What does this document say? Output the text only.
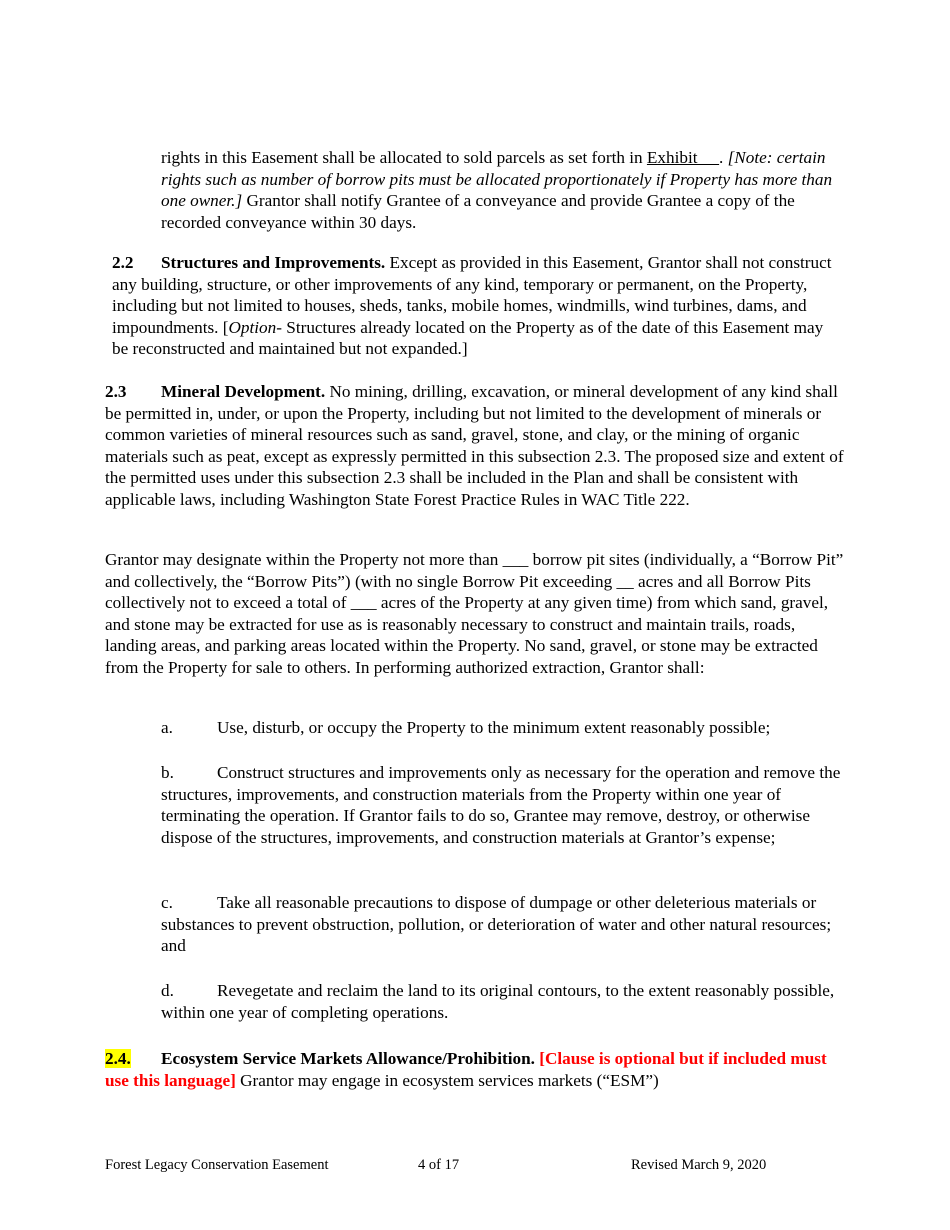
rights in this Easement shall be allocated to sold parcels as set forth in Exhibit __. [Note: certain rights such as number of borrow pits must be allocated proportionately if Property has more than one owner.] Grantor shall notify Grantee of a conveyance and provide Grantee a copy of the recorded conveyance within 30 days.

2.2 Structures and Improvements. Except as provided in this Easement, Grantor shall not construct any building, structure, or other improvements of any kind, temporary or permanent, on the Property, including but not limited to houses, sheds, tanks, mobile homes, windmills, wind turbines, dams, and impoundments. [Option- Structures already located on the Property as of the date of this Easement may be reconstructed and maintained but not expanded.]

2.3 Mineral Development. No mining, drilling, excavation, or mineral development of any kind shall be permitted in, under, or upon the Property, including but not limited to the development of minerals or common varieties of mineral resources such as sand, gravel, stone, and clay, or the mining of organic materials such as peat, except as expressly permitted in this subsection 2.3. The proposed size and extent of the permitted uses under this subsection 2.3 shall be included in the Plan and shall be consistent with applicable laws, including Washington State Forest Practice Rules in WAC Title 222.

Grantor may designate within the Property not more than ___ borrow pit sites (individually, a “Borrow Pit” and collectively, the “Borrow Pits”) (with no single Borrow Pit exceeding __ acres and all Borrow Pits collectively not to exceed a total of ___ acres of the Property at any given time) from which sand, gravel, and stone may be extracted for use as is reasonably necessary to construct and maintain trails, roads, landing areas, and parking areas located within the Property. No sand, gravel, or stone may be extracted from the Property for sale to others. In performing authorized extraction, Grantor shall:

a.	Use, disturb, or occupy the Property to the minimum extent reasonably possible;

b.	Construct structures and improvements only as necessary for the operation and remove the structures, improvements, and construction materials from the Property within one year of terminating the operation. If Grantor fails to do so, Grantee may remove, destroy, or otherwise dispose of the structures, improvements, and construction materials at Grantor’s expense;

c.	Take all reasonable precautions to dispose of dumpage or other deleterious materials or substances to prevent obstruction, pollution, or deterioration of water and other natural resources; and

d.	Revegetate and reclaim the land to its original contours, to the extent reasonably possible, within one year of completing operations.

2.4. Ecosystem Service Markets Allowance/Prohibition. [Clause is optional but if included must use this language] Grantor may engage in ecosystem services markets (“ESM”)

Forest Legacy Conservation Easement	4 of 17	Revised March 9, 2020
